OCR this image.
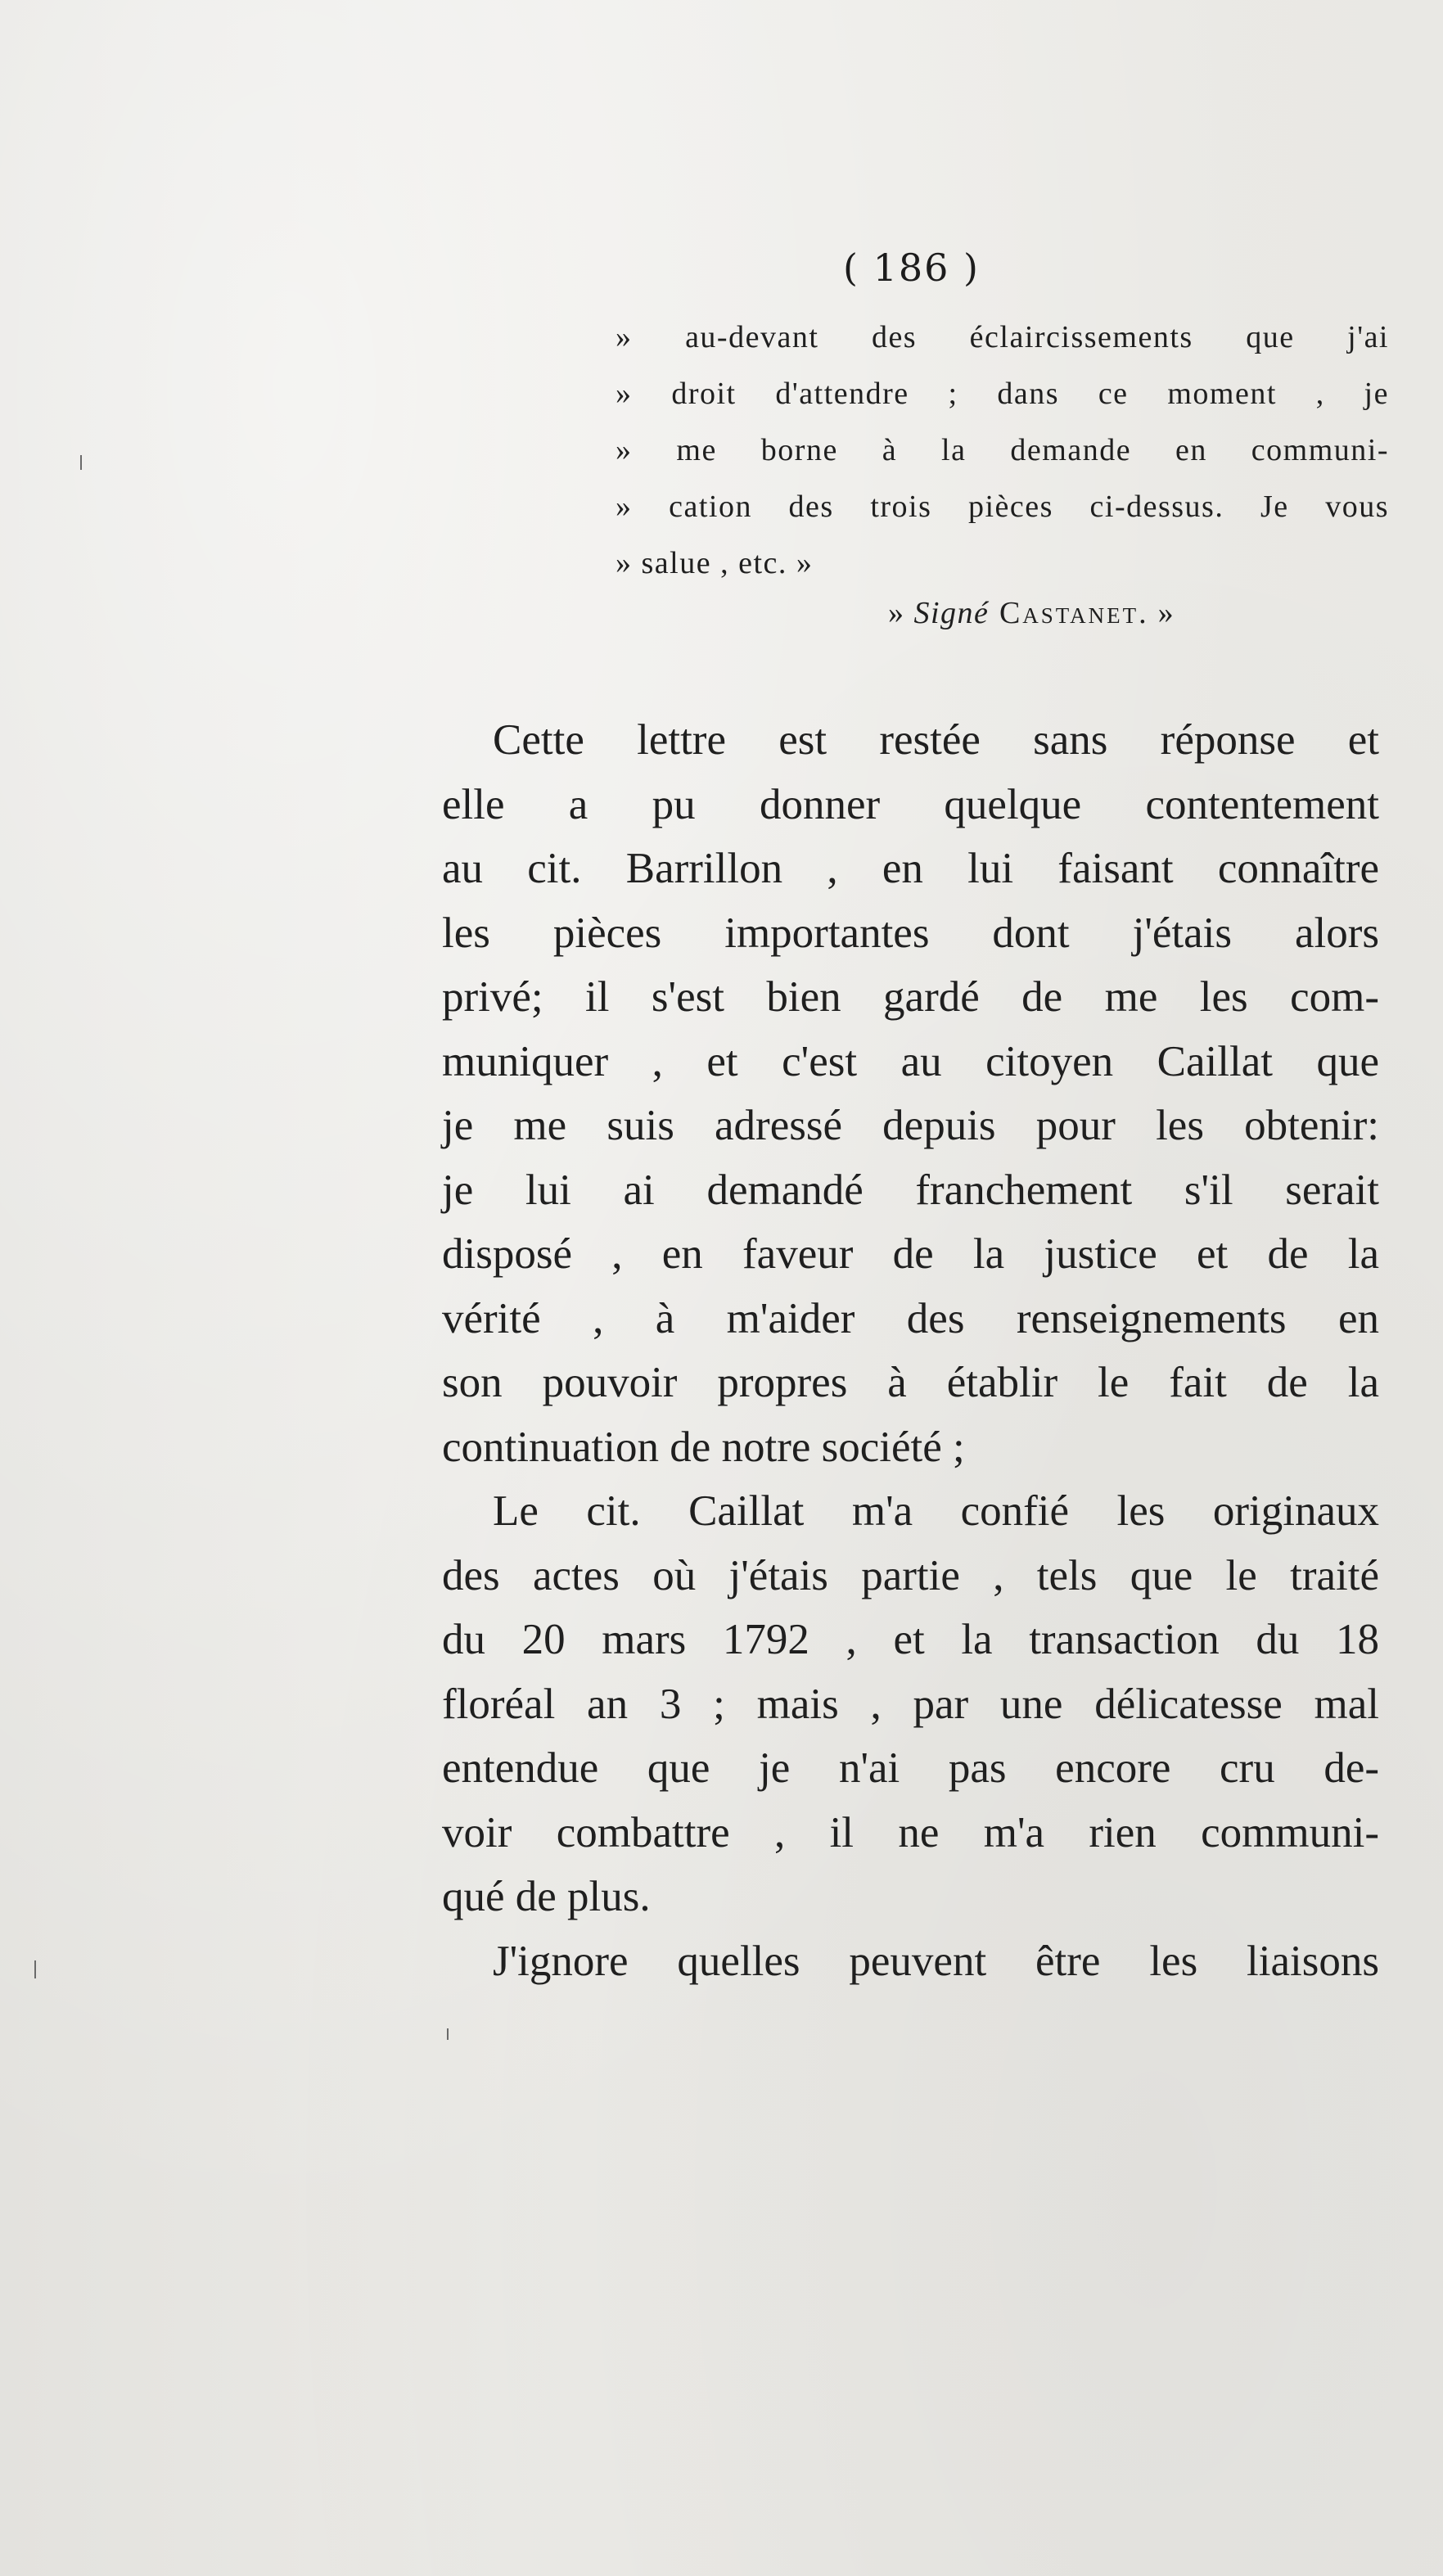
( 186 )
» au-devant des éclaircissements que j'ai
» droit d'attendre ; dans ce moment , je
» me borne à la demande en communi-
» cation des trois pièces ci-dessus. Je vous
» salue , etc. »
» Signé Castanet. »
Cette lettre est restée sans réponse et
elle a pu donner quelque contentement
au cit. Barrillon , en lui faisant connaître
les pièces importantes dont j'étais alors
privé; il s'est bien gardé de me les com-
muniquer , et c'est au citoyen Caillat que
je me suis adressé depuis pour les obtenir:
je lui ai demandé franchement s'il serait
disposé , en faveur de la justice et de la
vérité , à m'aider des renseignements en
son pouvoir propres à établir le fait de la
continuation de notre société ;
Le cit. Caillat m'a confié les originaux
des actes où j'étais partie , tels que le traité
du 20 mars 1792 , et la transaction du 18
floréal an 3 ; mais , par une délicatesse mal
entendue que je n'ai pas encore cru de-
voir combattre , il ne m'a rien communi-
qué de plus.
J'ignore quelles peuvent être les liaisons
